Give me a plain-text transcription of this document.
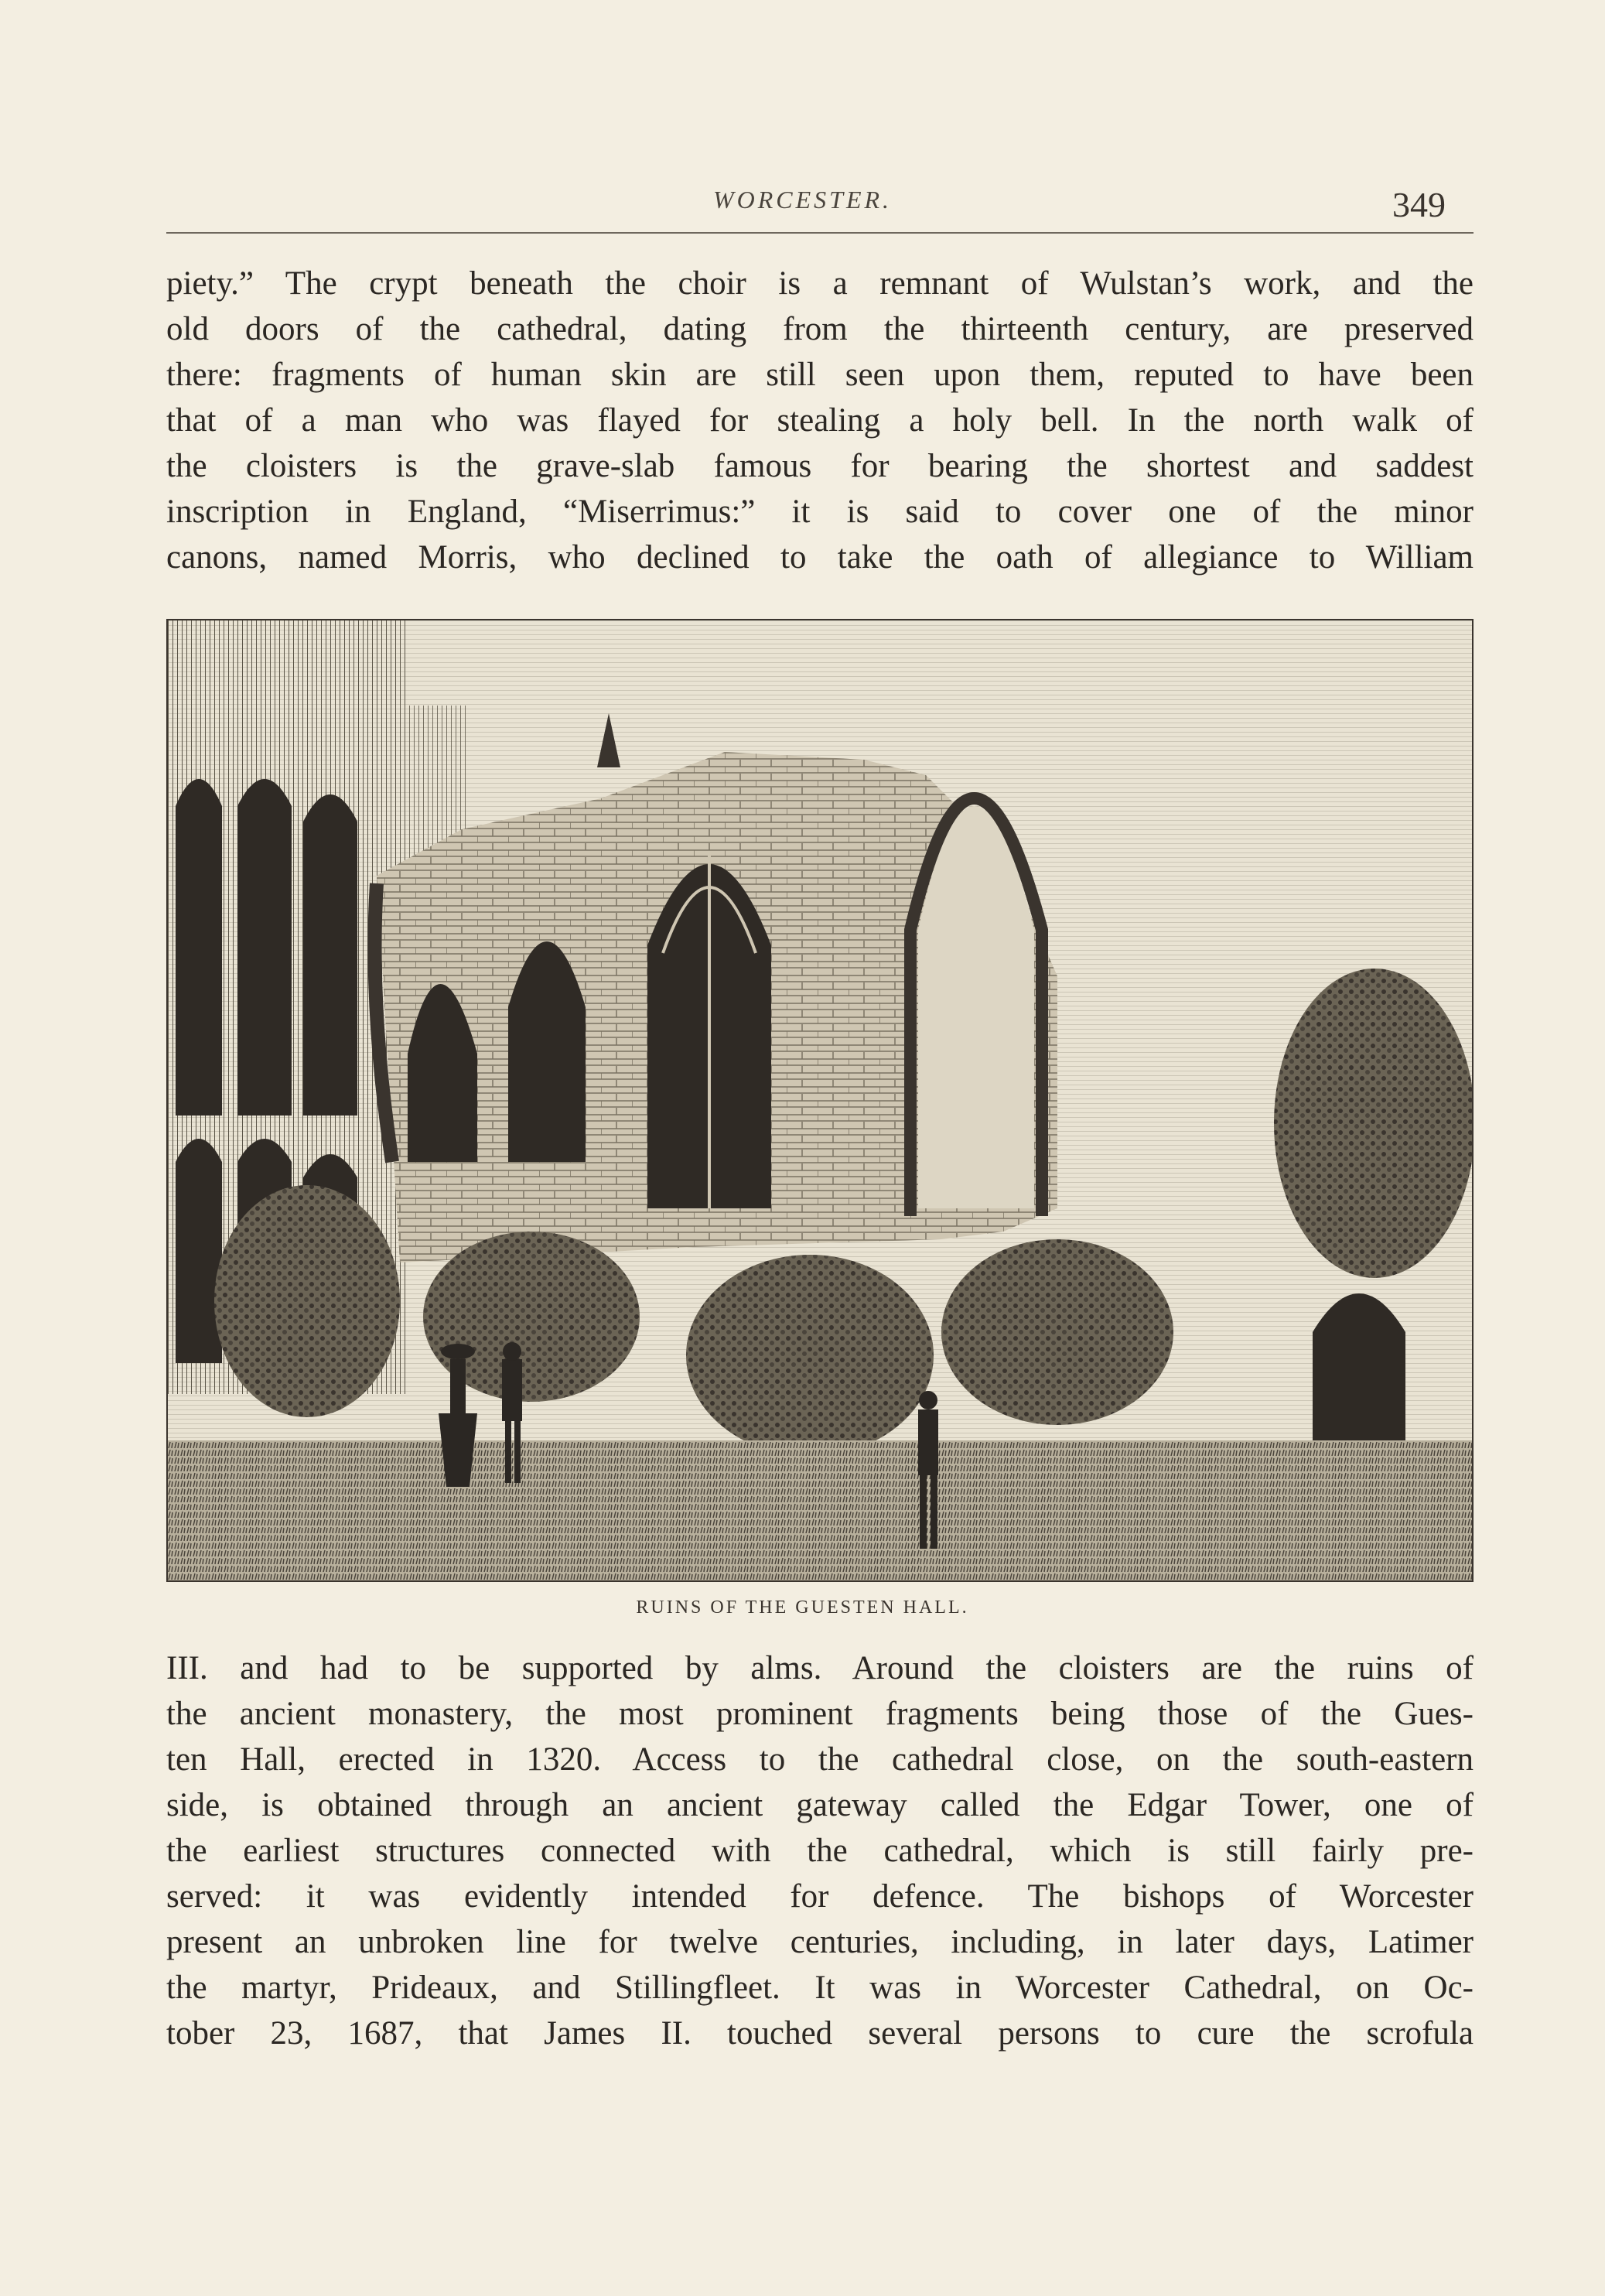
WORCESTER.	349
piety.” The crypt beneath the choir is a remnant of Wulstan’s work, and the
old doors of the cathedral, dating from the thirteenth century, are preserved
there: fragments of human skin are still seen upon them, reputed to have been
that of a man who was flayed for stealing a holy bell. In the north walk of
the cloisters is the grave-slab famous for bearing the shortest and saddest
inscription in England, “Miserrimus:” it is said to cover one of the minor
canons, named Morris, who declined to take the oath of allegiance to William
RUINS OF THE GUESTEN HALL.
III. and had to be supported by alms. Around the cloisters are the ruins of
the ancient monastery, the most prominent fragments being those of the Gues-
ten Hall, erected in 1320. Access to the cathedral close, on the south-eastern
side, is obtained through an ancient gateway called the Edgar Tower, one of
the earliest structures connected with the cathedral, which is still fairly pre-
served: it was evidently intended for defence. The bishops of Worcester
present an unbroken line for twelve centuries, including, in later days, Latimer
the martyr, Prideaux, and Stillingfleet. It was in Worcester Cathedral, on Oc-
tober 23, 1687, that James II. touched several persons to cure the scrofula
